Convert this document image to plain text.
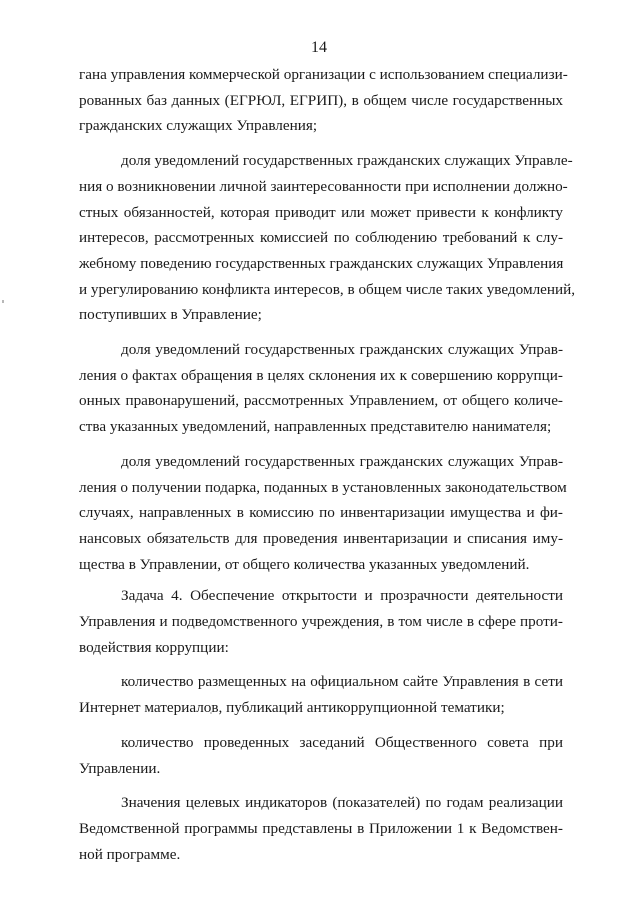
14
гана управления коммерческой организации с использованием специализи-
рованных баз данных (ЕГРЮЛ, ЕГРИП), в общем числе государственных
гражданских служащих Управления;
доля уведомлений государственных гражданских служащих Управле-
ния о возникновении личной заинтересованности при исполнении должно-
стных обязанностей, которая приводит или может привести к конфликту
интересов, рассмотренных комиссией по соблюдению требований к слу-
жебному поведению государственных гражданских служащих Управления
и урегулированию конфликта интересов, в общем числе таких уведомлений,
поступивших в Управление;
доля уведомлений государственных гражданских служащих Управ-
ления о фактах обращения в целях склонения их к совершению коррупци-
онных правонарушений, рассмотренных Управлением, от общего количе-
ства указанных уведомлений, направленных представителю нанимателя;
доля уведомлений государственных гражданских служащих Управ-
ления о получении подарка, поданных в установленных законодательством
случаях, направленных в комиссию по инвентаризации имущества и фи-
нансовых обязательств для проведения инвентаризации и списания иму-
щества в Управлении, от общего количества указанных уведомлений.
Задача 4. Обеспечение открытости и прозрачности деятельности
Управления и подведомственного учреждения, в том числе в сфере проти-
водействия коррупции:
количество размещенных на официальном сайте Управления в сети
Интернет материалов, публикаций антикоррупционной тематики;
количество проведенных заседаний Общественного совета при
Управлении.
Значения целевых индикаторов (показателей) по годам реализации
Ведомственной программы представлены в Приложении 1 к Ведомствен-
ной программе.
